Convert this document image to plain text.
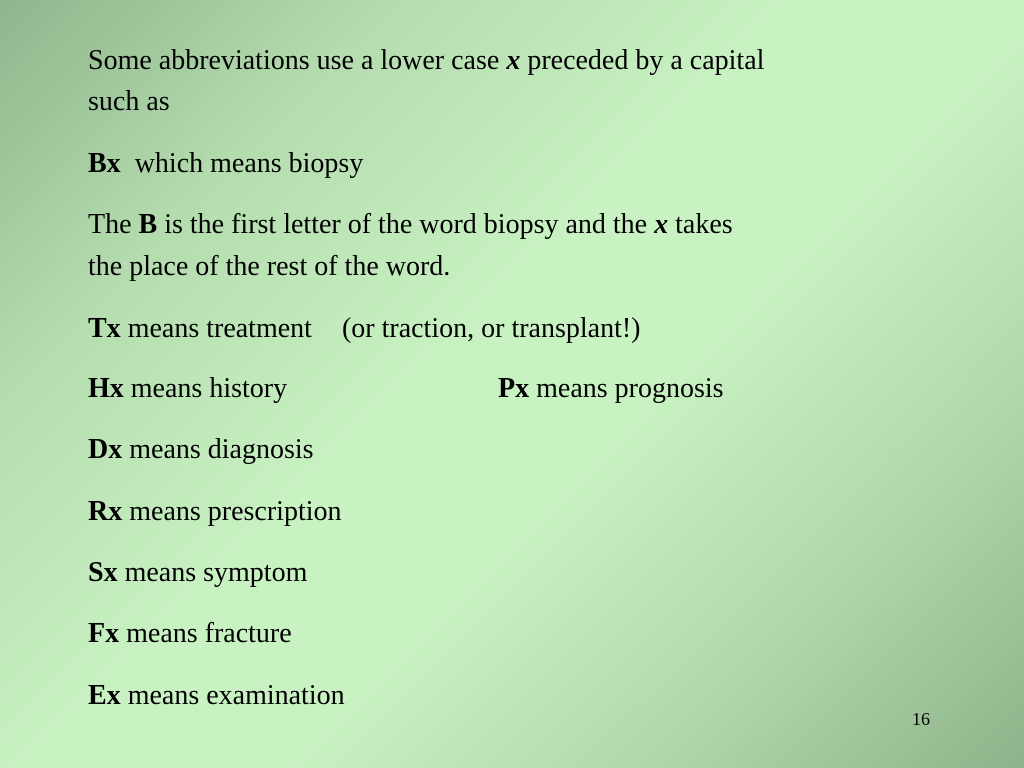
Some abbreviations use a lower case x preceded by a capital
such as
Bx  which means biopsy
The B is the first letter of the word biopsy and the x takes
the place of the rest of the word.
Tx means treatment (or traction, or transplant!)
Hx means history	Px means prognosis
Dx means diagnosis
Rx means prescription
Sx means symptom
Fx means fracture
Ex means examination
16
